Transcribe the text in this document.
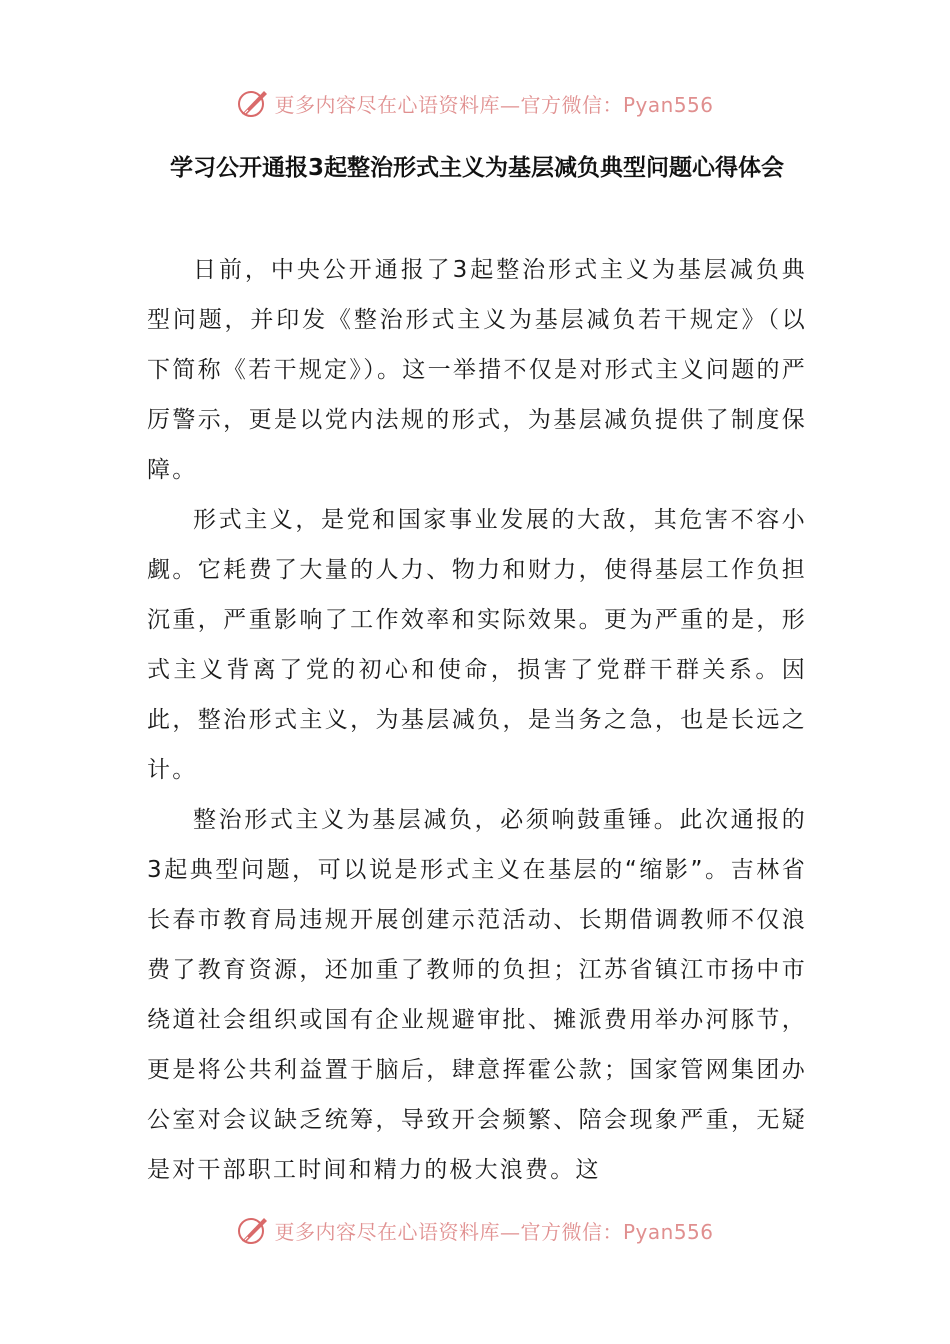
更多内容尽在心语资料库—官方微信：Pyan556
学习公开通报3起整治形式主义为基层减负典型问题心得体会

日前，中央公开通报了3起整治形式主义为基层减负典型问题，并印发《整治形式主义为基层减负若干规定》（以下简称《若干规定》）。这一举措不仅是对形式主义问题的严厉警示，更是以党内法规的形式，为基层减负提供了制度保障。

形式主义，是党和国家事业发展的大敌，其危害不容小觑。它耗费了大量的人力、物力和财力，使得基层工作负担沉重，严重影响了工作效率和实际效果。更为严重的是，形式主义背离了党的初心和使命，损害了党群干群关系。因此，整治形式主义，为基层减负，是当务之急，也是长远之计。

整治形式主义为基层减负，必须响鼓重锤。此次通报的3起典型问题，可以说是形式主义在基层的“缩影”。吉林省长春市教育局违规开展创建示范活动、长期借调教师不仅浪费了教育资源，还加重了教师的负担；江苏省镇江市扬中市绕道社会组织或国有企业规避审批、摊派费用举办河豚节，更是将公共利益置于脑后，肆意挥霍公款；国家管网集团办公室对会议缺乏统筹，导致开会频繁、陪会现象严重，无疑是对干部职工时间和精力的极大浪费。这

更多内容尽在心语资料库—官方微信：Pyan556
